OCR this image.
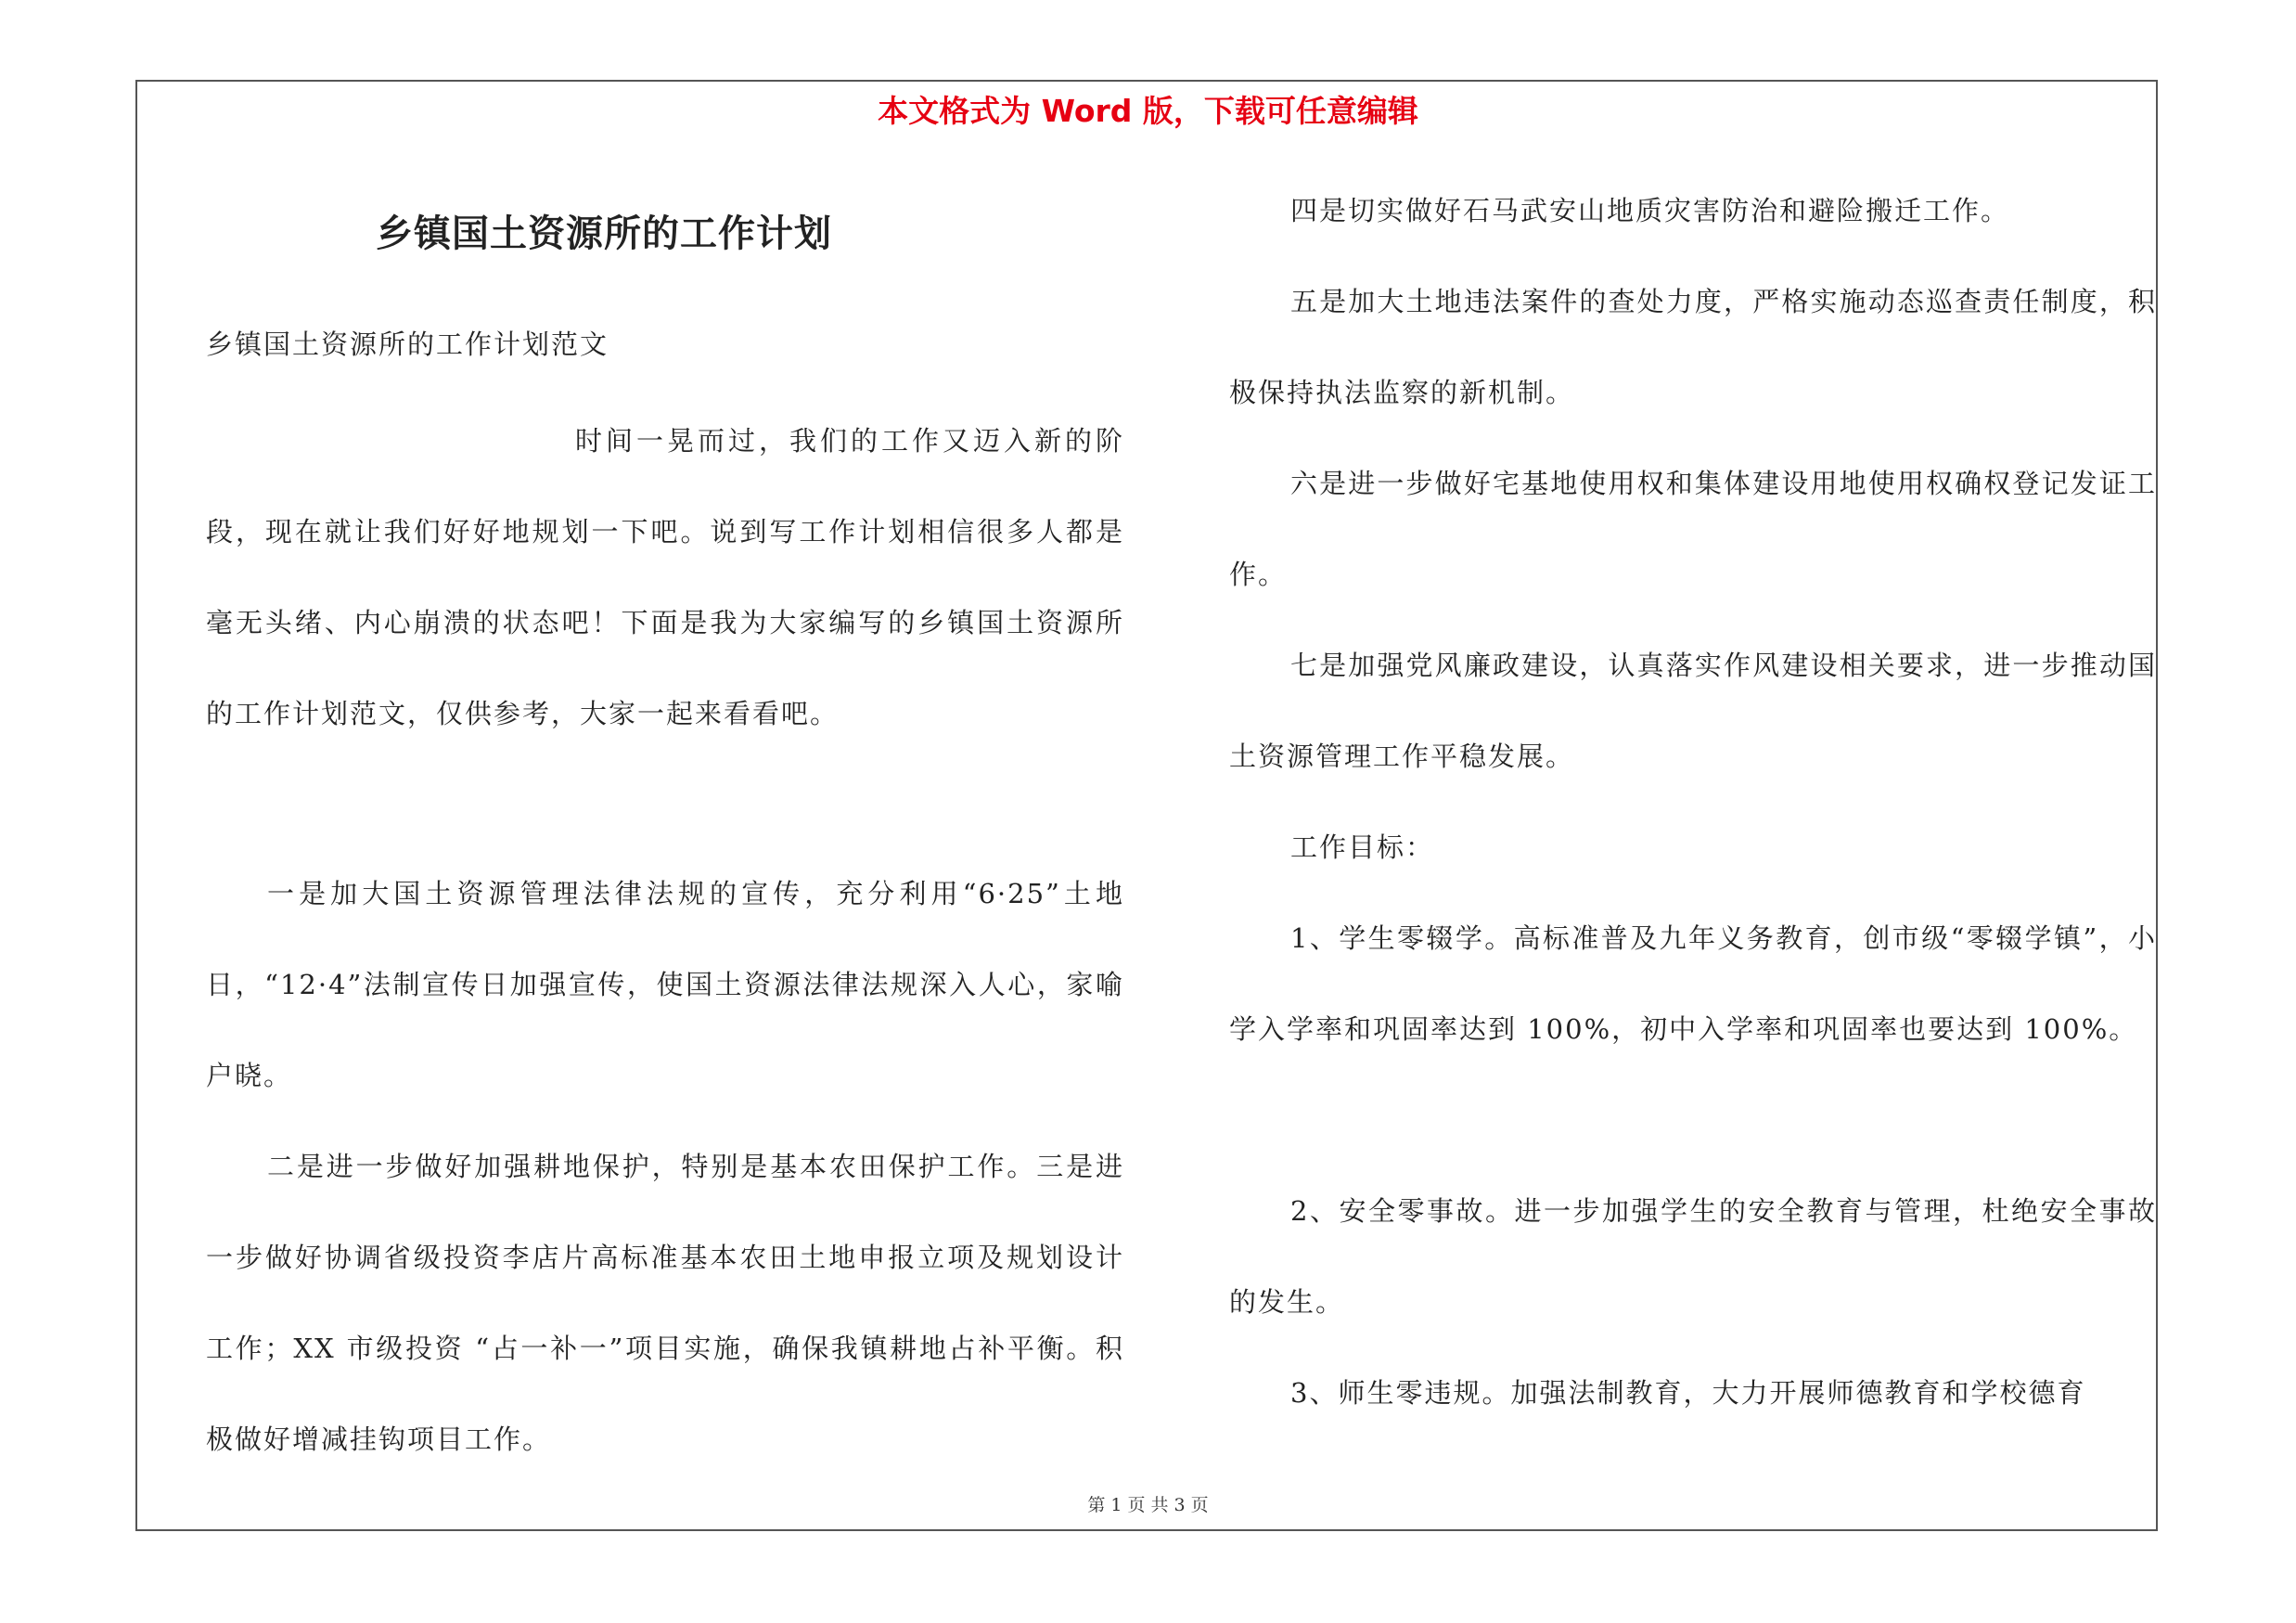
本文格式为 Word 版，下载可任意编辑
乡镇国土资源所的工作计划

乡镇国土资源所的工作计划范文

时间一晃而过，我们的工作又迈入新的阶段，现在就让我们好好地规划一下吧。说到写工作计划相信很多人都是毫无头绪、内心崩溃的状态吧！下面是我为大家编写的乡镇国土资源所的工作计划范文，仅供参考，大家一起来看看吧。

一是加大国土资源管理法律法规的宣传，充分利用“6·25”土地日，“12·4”法制宣传日加强宣传，使国土资源法律法规深入人心，家喻户晓。

二是进一步做好加强耕地保护，特别是基本农田保护工作。三是进一步做好协调省级投资李店片高标准基本农田土地申报立项及规划设计工作；XX 市级投资 “占一补一”项目实施，确保我镇耕地占补平衡。积极做好增减挂钩项目工作。

四是切实做好石马武安山地质灾害防治和避险搬迁工作。

五是加大土地违法案件的查处力度，严格实施动态巡查责任制度，积极保持执法监察的新机制。

六是进一步做好宅基地使用权和集体建设用地使用权确权登记发证工作。

七是加强党风廉政建设，认真落实作风建设相关要求，进一步推动国土资源管理工作平稳发展。

工作目标：

1、学生零辍学。高标准普及九年义务教育，创市级“零辍学镇”，小学入学率和巩固率达到 100%，初中入学率和巩固率也要达到 100%。

2、安全零事故。进一步加强学生的安全教育与管理，杜绝安全事故的发生。

3、师生零违规。加强法制教育，大力开展师德教育和学校德育

第 1 页 共 3 页
